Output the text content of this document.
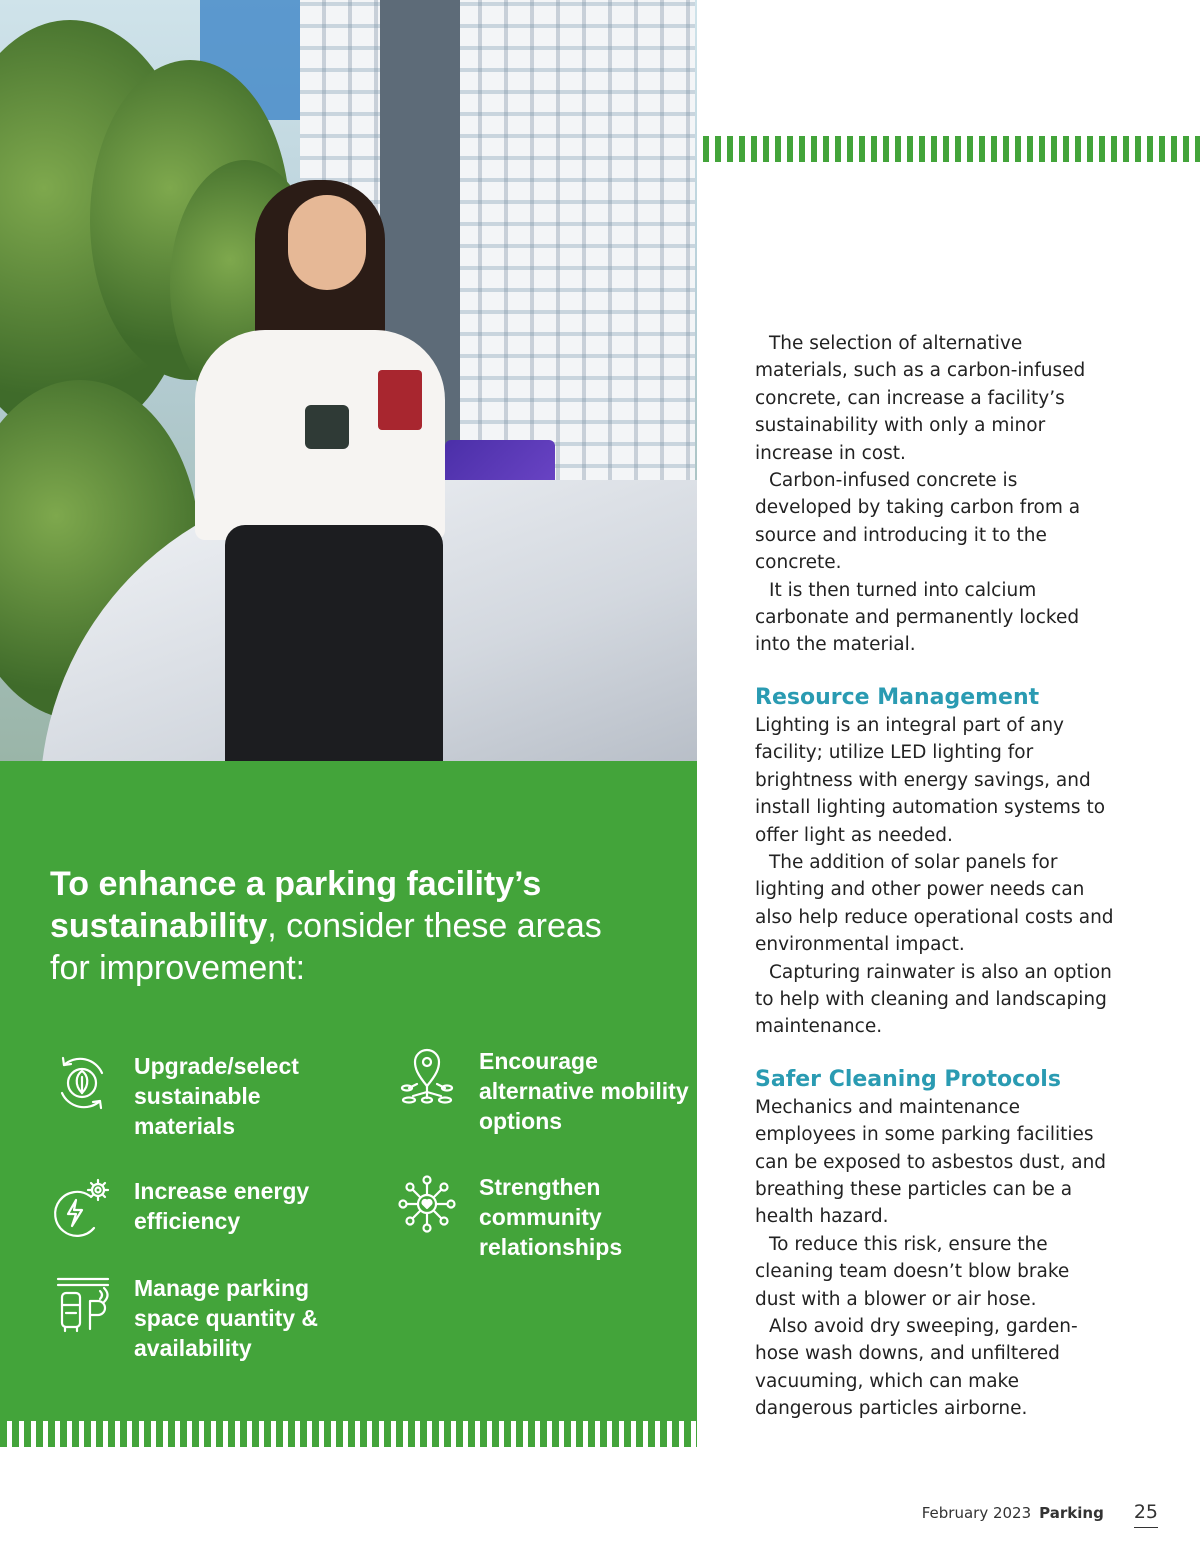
To enhance a parking facility’s sustainability, consider these areas for improvement:
Upgrade/select sustainable materials
Increase energy efficiency
Manage parking space quantity & availability
Encourage alternative mobility options
Strengthen community relationships

The selection of alternative materials, such as a carbon-infused concrete, can increase a facility’s sustainability with only a minor increase in cost.

Carbon-infused concrete is developed by taking carbon from a source and introducing it to the concrete.

It is then turned into calcium carbonate and permanently locked into the material.

Resource Management

Lighting is an integral part of any facility; utilize LED lighting for brightness with energy savings, and install lighting automation systems to offer light as needed.

The addition of solar panels for lighting and other power needs can also help reduce operational costs and environmental impact.

Capturing rainwater is also an option to help with cleaning and landscaping maintenance.

Safer Cleaning Protocols

Mechanics and maintenance employees in some parking facilities can be exposed to asbestos dust, and breathing these particles can be a health hazard.

To reduce this risk, ensure the cleaning team doesn’t blow brake dust with a blower or air hose.

Also avoid dry sweeping, garden-hose wash downs, and unfiltered vacuuming, which can make dangerous particles airborne.

February 2023 Parking 25
